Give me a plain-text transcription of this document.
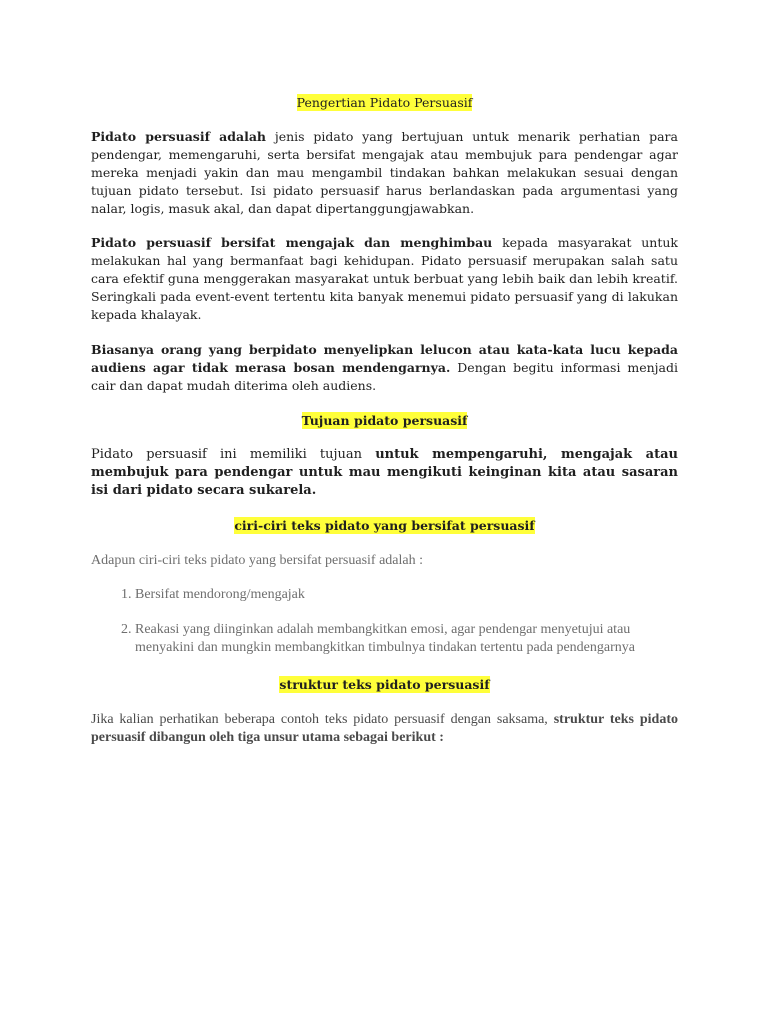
Pengertian Pidato Persuasif

Pidato persuasif adalah jenis pidato yang bertujuan untuk menarik perhatian para pendengar, memengaruhi, serta bersifat mengajak atau membujuk para pendengar agar mereka menjadi yakin dan mau mengambil tindakan bahkan melakukan sesuai dengan tujuan pidato tersebut. Isi pidato persuasif harus berlandaskan pada argumentasi yang nalar, logis, masuk akal, dan dapat dipertanggungjawabkan.

Pidato persuasif bersifat mengajak dan menghimbau kepada masyarakat untuk melakukan hal yang bermanfaat bagi kehidupan. Pidato persuasif merupakan salah satu cara efektif guna menggerakan masyarakat untuk berbuat yang lebih baik dan lebih kreatif. Seringkali pada event-event tertentu kita banyak menemui pidato persuasif yang di lakukan kepada khalayak.

Biasanya orang yang berpidato menyelipkan lelucon atau kata-kata lucu kepada audiens agar tidak merasa bosan mendengarnya. Dengan begitu informasi menjadi cair dan dapat mudah diterima oleh audiens.

Tujuan pidato persuasif

Pidato persuasif ini memiliki tujuan untuk mempengaruhi, mengajak atau membujuk para pendengar untuk mau mengikuti keinginan kita atau sasaran isi dari pidato secara sukarela.

ciri-ciri teks pidato yang bersifat persuasif

Adapun ciri-ciri teks pidato yang bersifat persuasif adalah :

1. Bersifat mendorong/mengajak
2. Reakasi yang diinginkan adalah membangkitkan emosi, agar pendengar menyetujui atau menyakini dan mungkin membangkitkan timbulnya tindakan tertentu pada pendengarnya
struktur teks pidato persuasif

Jika kalian perhatikan beberapa contoh teks pidato persuasif dengan saksama, struktur teks pidato persuasif dibangun oleh tiga unsur utama sebagai berikut :
